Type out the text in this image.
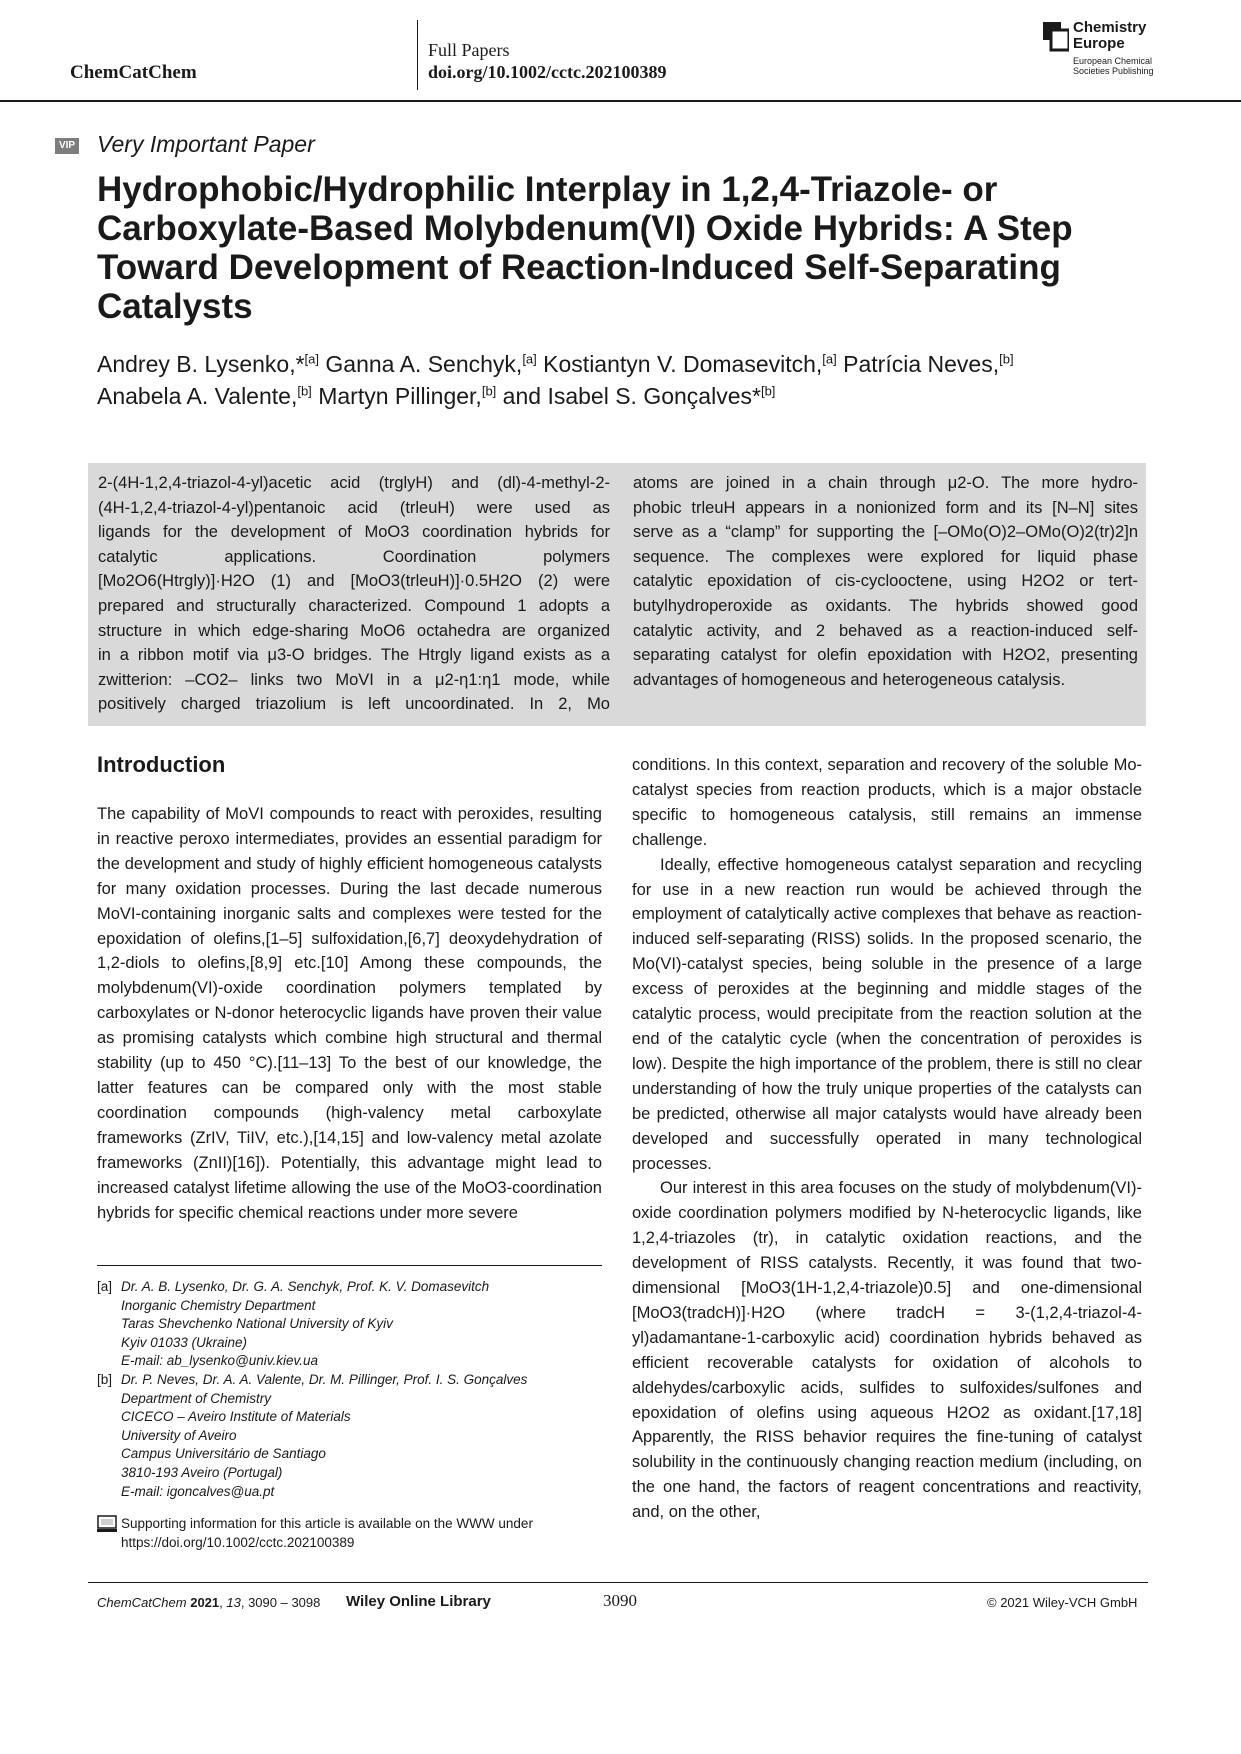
ChemCatChem
Full Papers
doi.org/10.1002/cctc.202100389
Chemistry
Europe
European Chemical
Societies Publishing
VIP Very Important Paper
Hydrophobic/Hydrophilic Interplay in 1,2,4-Triazole- or
Carboxylate-Based Molybdenum(VI) Oxide Hybrids: A Step
Toward Development of Reaction-Induced Self-Separating
Catalysts
Andrey B. Lysenko,*[a] Ganna A. Senchyk,[a] Kostiantyn V. Domasevitch,[a] Patrícia Neves,[b]
Anabela A. Valente,[b] Martyn Pillinger,[b] and Isabel S. Gonçalves*[b]
2-(4H-1,2,4-triazol-4-yl)acetic acid (trglyH) and (dl)-4-methyl-2-
(4H-1,2,4-triazol-4-yl)pentanoic acid (trleuH) were used as
ligands for the development of MoO3 coordination hybrids for
catalytic applications. Coordination polymers
[Mo2O6(Htrgly)]·H2O (1) and [MoO3(trleuH)]·0.5H2O (2) were
prepared and structurally characterized. Compound 1 adopts a
structure in which edge-sharing MoO6 octahedra are organized
in a ribbon motif via μ3-O bridges. The Htrgly ligand exists as a
zwitterion: –CO2– links two MoVI in a μ2-η1:η1 mode, while
positively charged triazolium is left uncoordinated. In 2, Mo
atoms are joined in a chain through μ2-O. The more hydro-
phobic trleuH appears in a nonionized form and its [N–N] sites
serve as a “clamp” for supporting the [–OMo(O)2–OMo(O)2(tr)2]n
sequence. The complexes were explored for liquid phase
catalytic epoxidation of cis-cyclooctene, using H2O2 or tert-
butylhydroperoxide as oxidants. The hybrids showed good
catalytic activity, and 2 behaved as a reaction-induced self-
separating catalyst for olefin epoxidation with H2O2, presenting
advantages of homogeneous and heterogeneous catalysis.
Introduction

The capability of MoVI compounds to react with peroxides, resulting in reactive peroxo intermediates, provides an essential paradigm for the development and study of highly efficient homogeneous catalysts for many oxidation processes. During the last decade numerous MoVI-containing inorganic salts and complexes were tested for the epoxidation of olefins,[1–5] sulfoxidation,[6,7] deoxydehydration of 1,2-diols to olefins,[8,9] etc.[10] Among these compounds, the molybdenum(VI)-oxide coordination polymers templated by carboxylates or N-donor heterocyclic ligands have proven their value as promising catalysts which combine high structural and thermal stability (up to 450 °C).[11–13] To the best of our knowledge, the latter features can be compared only with the most stable coordination compounds (high-valency metal carboxylate frameworks (ZrIV, TiIV, etc.),[14,15] and low-valency metal azolate frameworks (ZnII)[16]). Potentially, this advantage might lead to increased catalyst lifetime allowing the use of the MoO3-coordination hybrids for specific chemical reactions under more severe

conditions. In this context, separation and recovery of the soluble Mo-catalyst species from reaction products, which is a major obstacle specific to homogeneous catalysis, still remains an immense challenge.

Ideally, effective homogeneous catalyst separation and recycling for use in a new reaction run would be achieved through the employment of catalytically active complexes that behave as reaction-induced self-separating (RISS) solids. In the proposed scenario, the Mo(VI)-catalyst species, being soluble in the presence of a large excess of peroxides at the beginning and middle stages of the catalytic process, would precipitate from the reaction solution at the end of the catalytic cycle (when the concentration of peroxides is low). Despite the high importance of the problem, there is still no clear understanding of how the truly unique properties of the catalysts can be predicted, otherwise all major catalysts would have already been developed and successfully operated in many technological processes.

Our interest in this area focuses on the study of molybdenum(VI)-oxide coordination polymers modified by N-heterocyclic ligands, like 1,2,4-triazoles (tr), in catalytic oxidation reactions, and the development of RISS catalysts. Recently, it was found that two-dimensional [MoO3(1H-1,2,4-triazole)0.5] and one-dimensional [MoO3(tradcH)]·H2O (where tradcH = 3-(1,2,4-triazol-4-yl)adamantane-1-carboxylic acid) coordination hybrids behaved as efficient recoverable catalysts for oxidation of alcohols to aldehydes/carboxylic acids, sulfides to sulfoxides/sulfones and epoxidation of olefins using aqueous H2O2 as oxidant.[17,18] Apparently, the RISS behavior requires the fine-tuning of catalyst solubility in the continuously changing reaction medium (including, on the one hand, the factors of reagent concentrations and reactivity, and, on the other,

[a] Dr. A. B. Lysenko, Dr. G. A. Senchyk, Prof. K. V. Domasevitch
Inorganic Chemistry Department
Taras Shevchenko National University of Kyiv
Kyiv 01033 (Ukraine)
E-mail: ab_lysenko@univ.kiev.ua
[b] Dr. P. Neves, Dr. A. A. Valente, Dr. M. Pillinger, Prof. I. S. Gonçalves
Department of Chemistry
CICECO – Aveiro Institute of Materials
University of Aveiro
Campus Universitário de Santiago
3810-193 Aveiro (Portugal)
E-mail: igoncalves@ua.pt
Supporting information for this article is available on the WWW under
https://doi.org/10.1002/cctc.202100389
ChemCatChem 2021, 13, 3090 – 3098 Wiley Online Library	3090	© 2021 Wiley-VCH GmbH
